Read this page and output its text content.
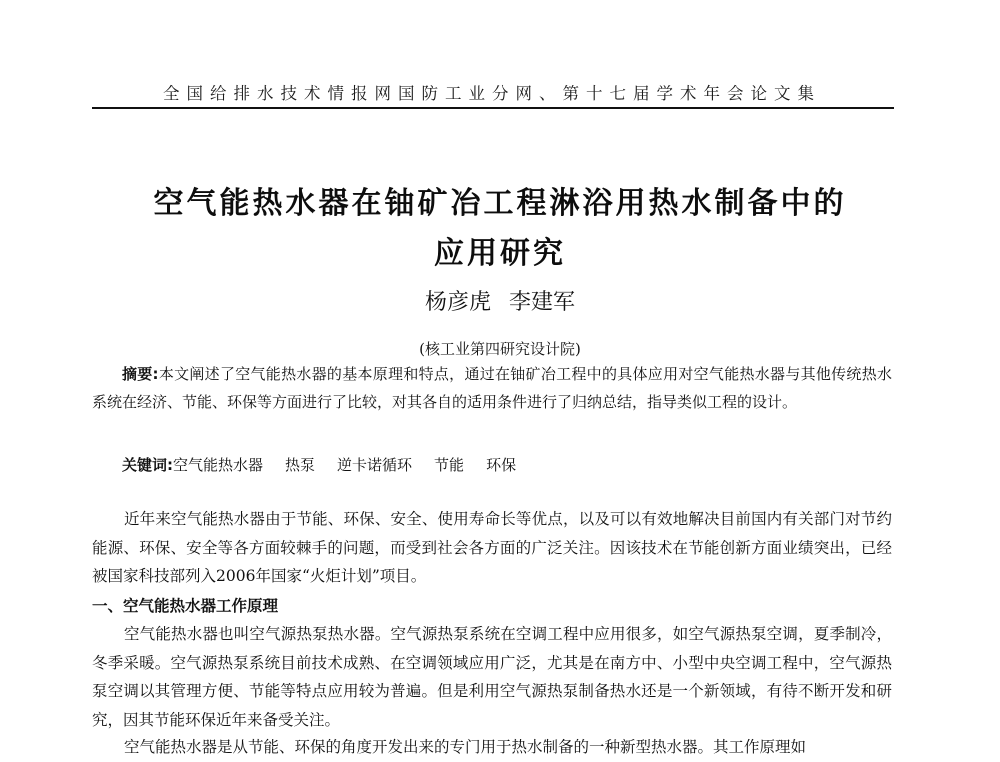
全国给排水技术情报网国防工业分网、第十七届学术年会论文集
空气能热水器在铀矿冶工程淋浴用热水制备中的
应用研究
杨彦虎 李建军
(核工业第四研究设计院)
摘要:本文阐述了空气能热水器的基本原理和特点，通过在铀矿冶工程中的具体应用对空气能热水器与其他传统热水系统在经济、节能、环保等方面进行了比较，对其各自的适用条件进行了归纳总结，指导类似工程的设计。
关键词:空气能热水器 热泵 逆卡诺循环 节能 环保
近年来空气能热水器由于节能、环保、安全、使用寿命长等优点，以及可以有效地解决目前国内有关部门对节约能源、环保、安全等各方面较棘手的问题，而受到社会各方面的广泛关注。因该技术在节能创新方面业绩突出，已经被国家科技部列入2006年国家“火炬计划”项目。
一、空气能热水器工作原理
空气能热水器也叫空气源热泵热水器。空气源热泵系统在空调工程中应用很多，如空气源热泵空调，夏季制冷，冬季采暖。空气源热泵系统目前技术成熟、在空调领域应用广泛，尤其是在南方中、小型中央空调工程中，空气源热泵空调以其管理方便、节能等特点应用较为普遍。但是利用空气源热泵制备热水还是一个新领域，有待不断开发和研究，因其节能环保近年来备受关注。
空气能热水器是从节能、环保的角度开发出来的专门用于热水制备的一种新型热水器。其工作原理如
